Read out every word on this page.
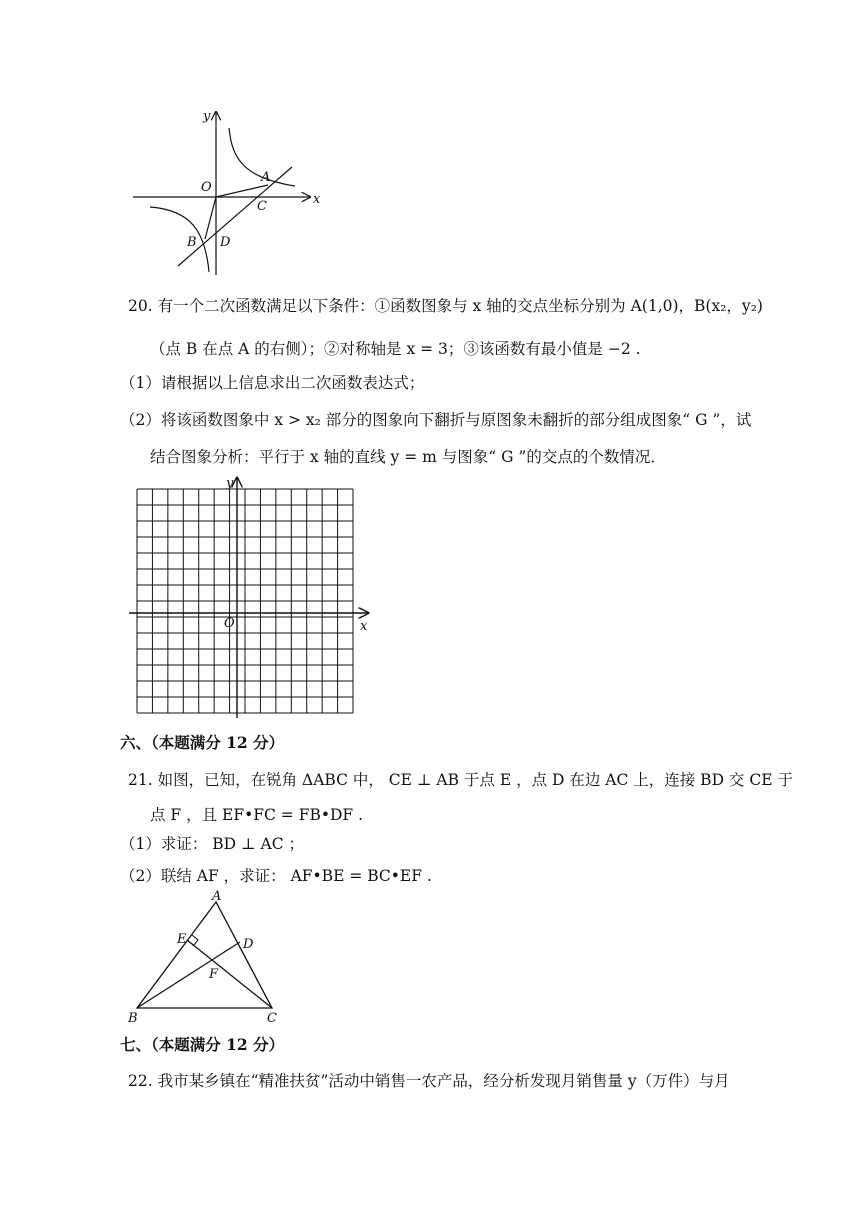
y
x
O
A
C
B D
20. 有一个二次函数满足以下条件：①函数图象与 x 轴的交点坐标分别为 A(1,0)，B(x₂，y₂)
（点 B 在点 A 的右侧）；②对称轴是 x = 3；③该函数有最小值是 −2 .
（1）请根据以上信息求出二次函数表达式；
（2）将该函数图象中 x > x₂ 部分的图象向下翻折与原图象未翻折的部分组成图象“ G ”，试
结合图象分析：平行于 x 轴的直线 y = m 与图象“ G ”的交点的个数情况．
y
x
O
六、（本题满分 12 分）
21. 如图，已知，在锐角 ΔABC 中， CE ⊥ AB 于点 E ，点 D 在边 AC 上，连接 BD 交 CE 于
点 F ，且 EF•FC = FB•DF .
（1）求证： BD ⊥ AC ；
（2）联结 AF ，求证： AF•BE = BC•EF .
A
E	D
F
B	C
七、（本题满分 12 分）
22. 我市某乡镇在“精准扶贫”活动中销售一农产品，经分析发现月销售量 y（万件）与月
